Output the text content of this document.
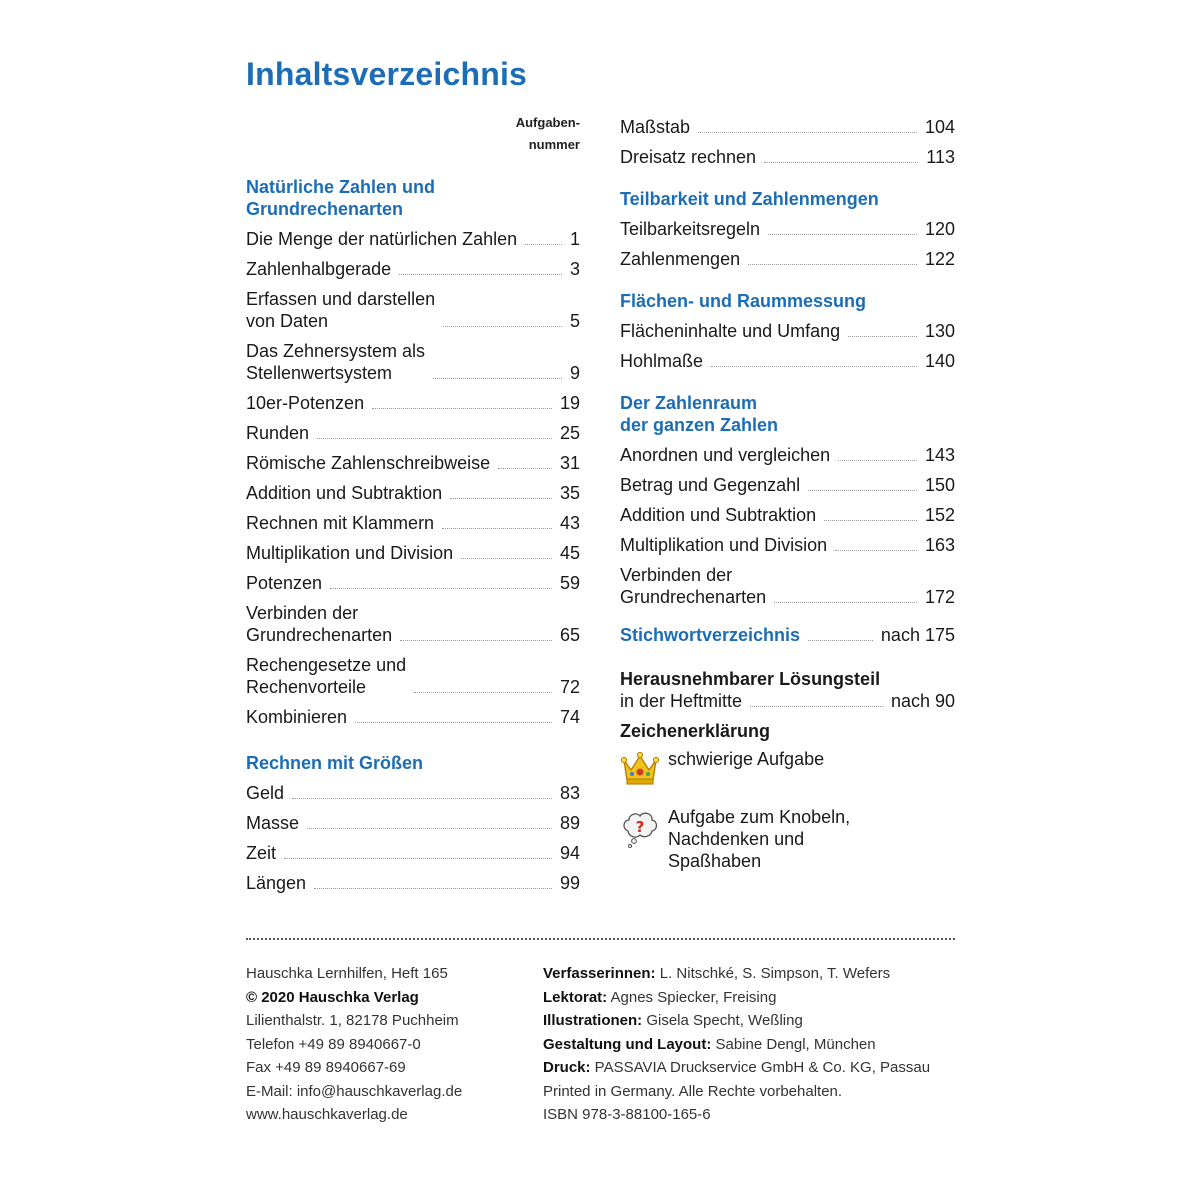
Inhaltsverzeichnis
Aufgaben-
nummer
Natürliche Zahlen und
Grundrechenarten
Die Menge der natürlichen Zahlen	1
Zahlenhalbgerade	3
Erfassen und darstellen
von Daten	5
Das Zehnersystem als
Stellenwertsystem	9
10er-Potenzen	19
Runden	25
Römische Zahlenschreibweise	31
Addition und Subtraktion	35
Rechnen mit Klammern	43
Multiplikation und Division	45
Potenzen	59
Verbinden der
Grundrechenarten	65
Rechengesetze und
Rechenvorteile	72
Kombinieren	74
Rechnen mit Größen
Geld	83
Masse	89
Zeit	94
Längen	99
Maßstab	104
Dreisatz rechnen	113
Teilbarkeit und Zahlenmengen
Teilbarkeitsregeln	120
Zahlenmengen	122
Flächen- und Raummessung
Flächeninhalte und Umfang	130
Hohlmaße	140
Der Zahlenraum
der ganzen Zahlen
Anordnen und vergleichen	143
Betrag und Gegenzahl	150
Addition und Subtraktion	152
Multiplikation und Division	163
Verbinden der
Grundrechenarten	172
Stichwortverzeichnis	nach 175
Herausnehmbarer Lösungsteil
in der Heftmitte	nach 90
Zeichenerklärung
schwierige Aufgabe
? Aufgabe zum Knobeln,
Nachdenken und
Spaßhaben
Hauschka Lernhilfen, Heft 165
© 2020 Hauschka Verlag
Lilienthalstr. 1, 82178 Puchheim
Telefon +49 89 8940667-0
Fax +49 89 8940667-69
E-Mail: info@hauschkaverlag.de
www.hauschkaverlag.de
Verfasserinnen: L. Nitschké, S. Simpson, T. Wefers
Lektorat: Agnes Spiecker, Freising
Illustrationen: Gisela Specht, Weßling
Gestaltung und Layout: Sabine Dengl, München
Druck: PASSAVIA Druckservice GmbH & Co. KG, Passau
Printed in Germany. Alle Rechte vorbehalten.
ISBN 978-3-88100-165-6
